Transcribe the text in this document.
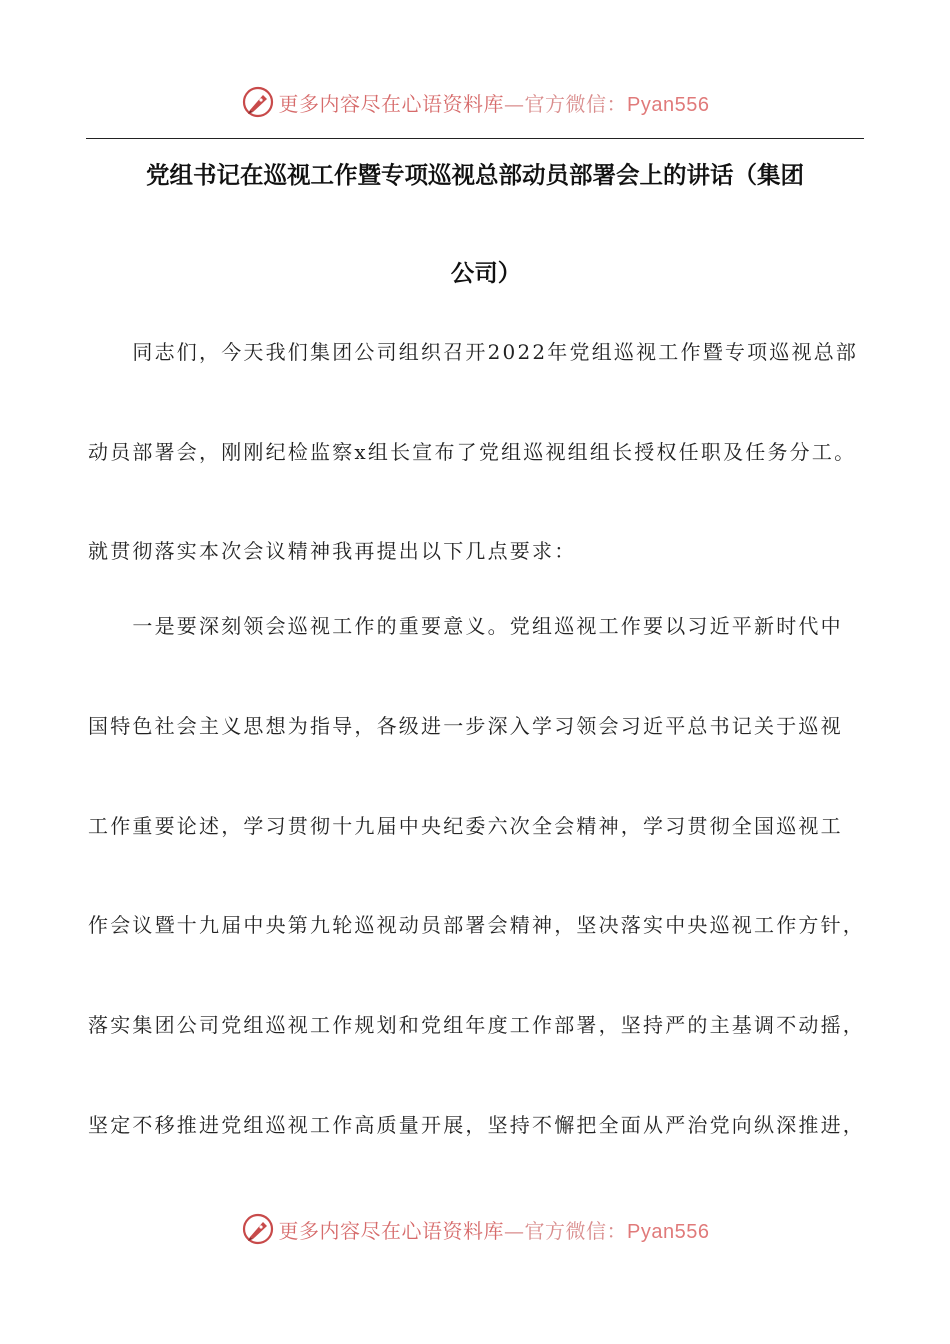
更多内容尽在心语资料库—官方微信：Pyan556
党组书记在巡视工作暨专项巡视总部动员部署会上的讲话（集团
公司）
　　同志们，今天我们集团公司组织召开2022年党组巡视工作暨专项巡视总部
动员部署会，刚刚纪检监察x组长宣布了党组巡视组组长授权任职及任务分工。
就贯彻落实本次会议精神我再提出以下几点要求：
　　一是要深刻领会巡视工作的重要意义。党组巡视工作要以习近平新时代中
国特色社会主义思想为指导，各级进一步深入学习领会习近平总书记关于巡视
工作重要论述，学习贯彻十九届中央纪委六次全会精神，学习贯彻全国巡视工
作会议暨十九届中央第九轮巡视动员部署会精神，坚决落实中央巡视工作方针，
落实集团公司党组巡视工作规划和党组年度工作部署，坚持严的主基调不动摇，
坚定不移推进党组巡视工作高质量开展，坚持不懈把全面从严治党向纵深推进，
更多内容尽在心语资料库—官方微信：Pyan556
